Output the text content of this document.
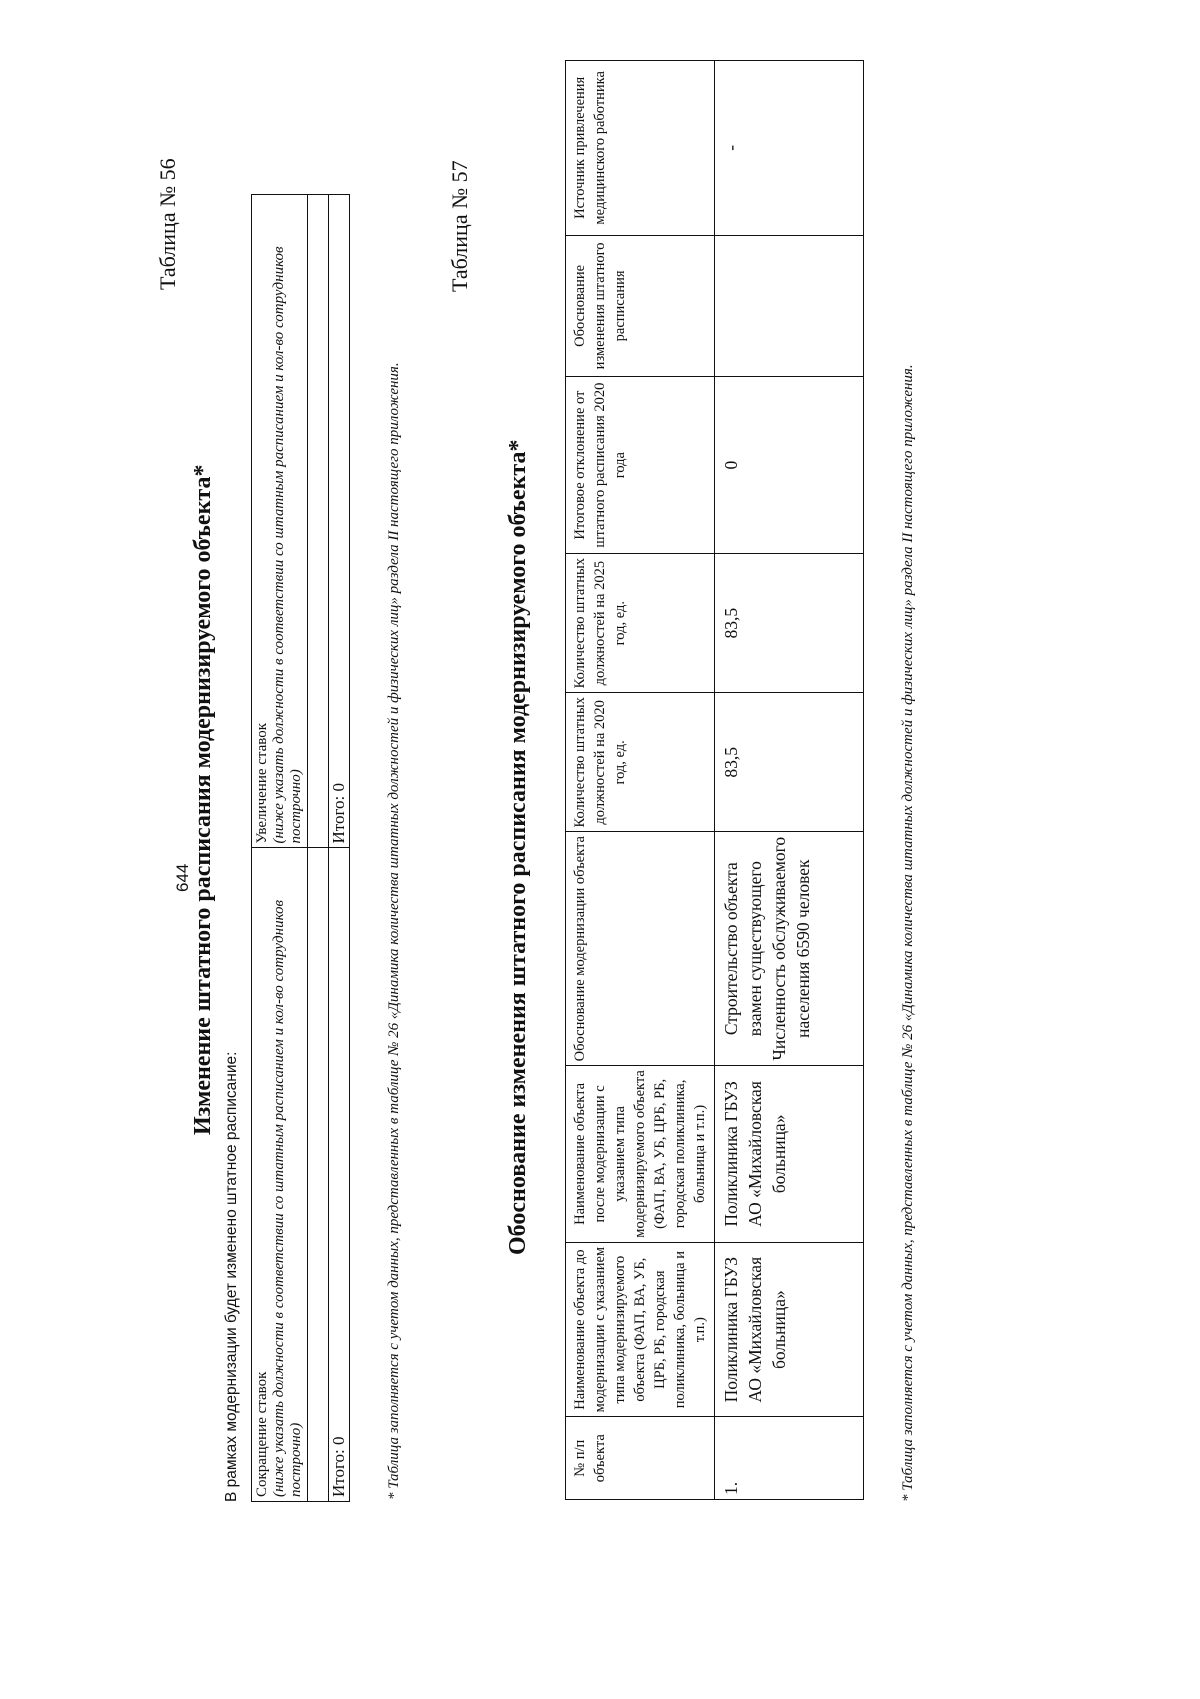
644
Таблица № 56
Изменение штатного расписания модернизируемого объекта*
В рамках модернизации будет изменено штатное расписание: Сокращение ставок (ниже указать должности в соответствии со штатным расписанием и кол-во сотрудников построчно)	Увеличение ставок (ниже указать должности в соответствии со штатным расписанием и кол-во сотрудников построчно)

Итого: 0	Итого: 0	* Таблица заполняется с учетом данных, представленных в таблице № 26 «Динамика количества штатных должностей и физических лиц» раздела II настоящего приложения.
Таблица № 57
Обоснование изменения штатного расписания модернизируемого объекта*
№ п/п объекта	Наименование объекта до модернизации с указанием типа модернизируемого объекта (ФАП, ВА, УБ, ЦРБ, РБ, городская поликлиника, больница и т.п.)	Наименование объекта после модернизации с указанием типа модернизируемого объекта (ФАП, ВА, УБ, ЦРБ, РБ, городская поликлиника, больница и т.п.)	Обоснование модернизации объекта	Количество штатных должностей на 2020 год, ед.	Количество штатных должностей на 2025 год, ед.	Итоговое отклонение от штатного расписания 2020 года	Обоснование изменения штатного расписания	Источник привлечения медицинского работника
1.	Поликлиника ГБУЗ АО «Михайловская больница»	Поликлиника ГБУЗ АО «Михайловская больница»	Строительство объекта взамен существующего Численность обслуживаемого населения 6590 человек	83,5	83,5	0		-
* Таблица заполняется с учетом данных, представленных в таблице № 26 «Динамика количества штатных должностей и физических лиц» раздела II настоящего приложения.
